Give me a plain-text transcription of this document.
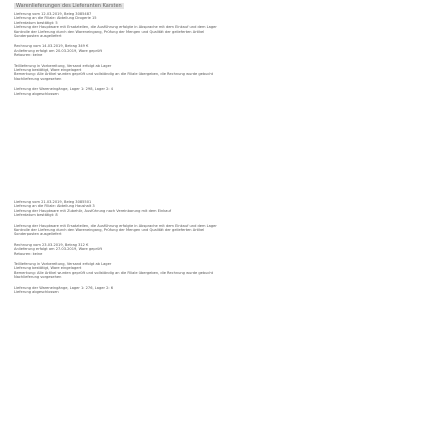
Warenlieferungen des Lieferanten Karsten

Lieferung vom 12.03.2019, Beleg 3085487

Lieferung an die Filiale: Abteilung Drogerie 15

Lieferdatum bestätigt: 5

Lieferung der Hauptware mit Ersatzteilen, die Ausführung erfolgte in Absprache mit dem Einkauf und dem Lager

Kontrolle der Lieferung durch den Wareneingang, Prüfung der Mengen und Qualität der gelieferten Artikel

Sonderposten ausgeliefert

Rechnung vom 14.03.2019, Betrag 349 €

Anlieferung erfolgt am 20.03.2019, Ware geprüft

Retouren: keine

Teillieferung in Vorbereitung, Versand erfolgt ab Lager

Lieferung bestätigt, Ware eingelagert

Bemerkung: Alle Artikel wurden geprüft und vollständig an die Filiale übergeben, die Rechnung wurde gebucht

Nachlieferung vorgesehen

Lieferung der Wareneingänge, Lager 1: 298, Lager 2: 4

Lieferung abgeschlossen

Lieferung vom 21.03.2019, Beleg 3085501

Lieferung an die Filiale: Abteilung Haushalt 3

Lieferung der Hauptware mit Zubehör, Ausführung nach Vereinbarung mit dem Einkauf

Lieferdatum bestätigt: 8

Lieferung der Hauptware mit Ersatzteilen, die Ausführung erfolgte in Absprache mit dem Einkauf und dem Lager

Kontrolle der Lieferung durch den Wareneingang, Prüfung der Mengen und Qualität der gelieferten Artikel

Sonderposten ausgeliefert

Rechnung vom 23.03.2019, Betrag 312 €

Anlieferung erfolgt am 27.03.2019, Ware geprüft

Retouren: keine

Teillieferung in Vorbereitung, Versand erfolgt ab Lager

Lieferung bestätigt, Ware eingelagert

Bemerkung: Alle Artikel wurden geprüft und vollständig an die Filiale übergeben, die Rechnung wurde gebucht

Nachlieferung vorgesehen

Lieferung der Wareneingänge, Lager 1: 276, Lager 2: 6

Lieferung abgeschlossen
